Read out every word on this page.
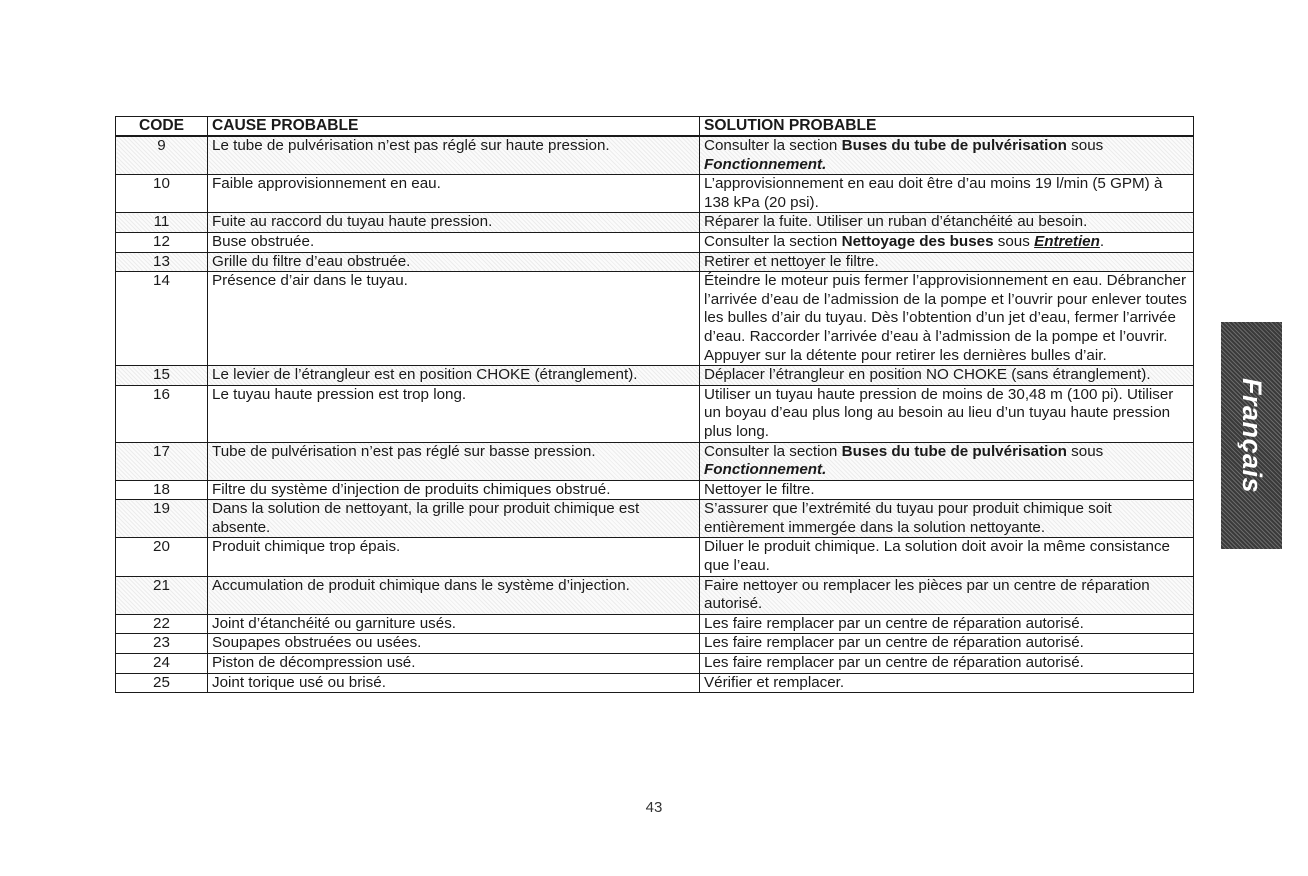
CODE	CAUSE PROBABLE	SOLUTION PROBABLE
9	Le tube de pulvérisation n’est pas réglé sur haute pression.	Consulter la section Buses du tube de pulvérisation sous Fonctionnement.
10	Faible approvisionnement en eau.	L’approvisionnement en eau doit être d’au moins 19 l/min (5 GPM) à 138 kPa (20 psi).
11	Fuite au raccord du tuyau haute pression.	Réparer la fuite. Utiliser un ruban d’étanchéité au besoin.
12	Buse obstruée.	Consulter la section Nettoyage des buses sous Entretien.
13	Grille du filtre d’eau obstruée.	Retirer et nettoyer le filtre.
14	Présence d’air dans le tuyau.	Éteindre le moteur puis fermer l’approvisionnement en eau. Débrancher l’arrivée d’eau de l’admission de la pompe et l’ouvrir pour enlever toutes les bulles d’air du tuyau. Dès l’obtention d’un jet d’eau, fermer l’arrivée d’eau. Raccorder l’arrivée d’eau à l’admission de la pompe et l’ouvrir. Appuyer sur la détente pour retirer les dernières bulles d’air.
15	Le levier de l’étrangleur est en position CHOKE (étranglement).	Déplacer l’étrangleur en position NO CHOKE (sans étranglement).
16	Le tuyau haute pression est trop long.	Utiliser un tuyau haute pression de moins de 30,48 m (100 pi). Utiliser un boyau d’eau plus long au besoin au lieu d’un tuyau haute pression plus long.
17	Tube de pulvérisation n’est pas réglé sur basse pression.	Consulter la section Buses du tube de pulvérisation sous Fonctionnement.
18	Filtre du système d’injection de produits chimiques obstrué.	Nettoyer le filtre.
19	Dans la solution de nettoyant, la grille pour produit chimique est absente.	S’assurer que l’extrémité du tuyau pour produit chimique soit entièrement immergée dans la solution nettoyante.
20	Produit chimique trop épais.	Diluer le produit chimique. La solution doit avoir la même consistance que l’eau.
21	Accumulation de produit chimique dans le système d’injection.	Faire nettoyer ou remplacer les pièces par un centre de réparation autorisé.
22	Joint d’étanchéité ou garniture usés.	Les faire remplacer par un centre de réparation autorisé.
23	Soupapes obstruées ou usées.	Les faire remplacer par un centre de réparation autorisé.
24	Piston de décompression usé.	Les faire remplacer par un centre de réparation autorisé.
25	Joint torique usé ou brisé.	Vérifier et remplacer.
Français
43
